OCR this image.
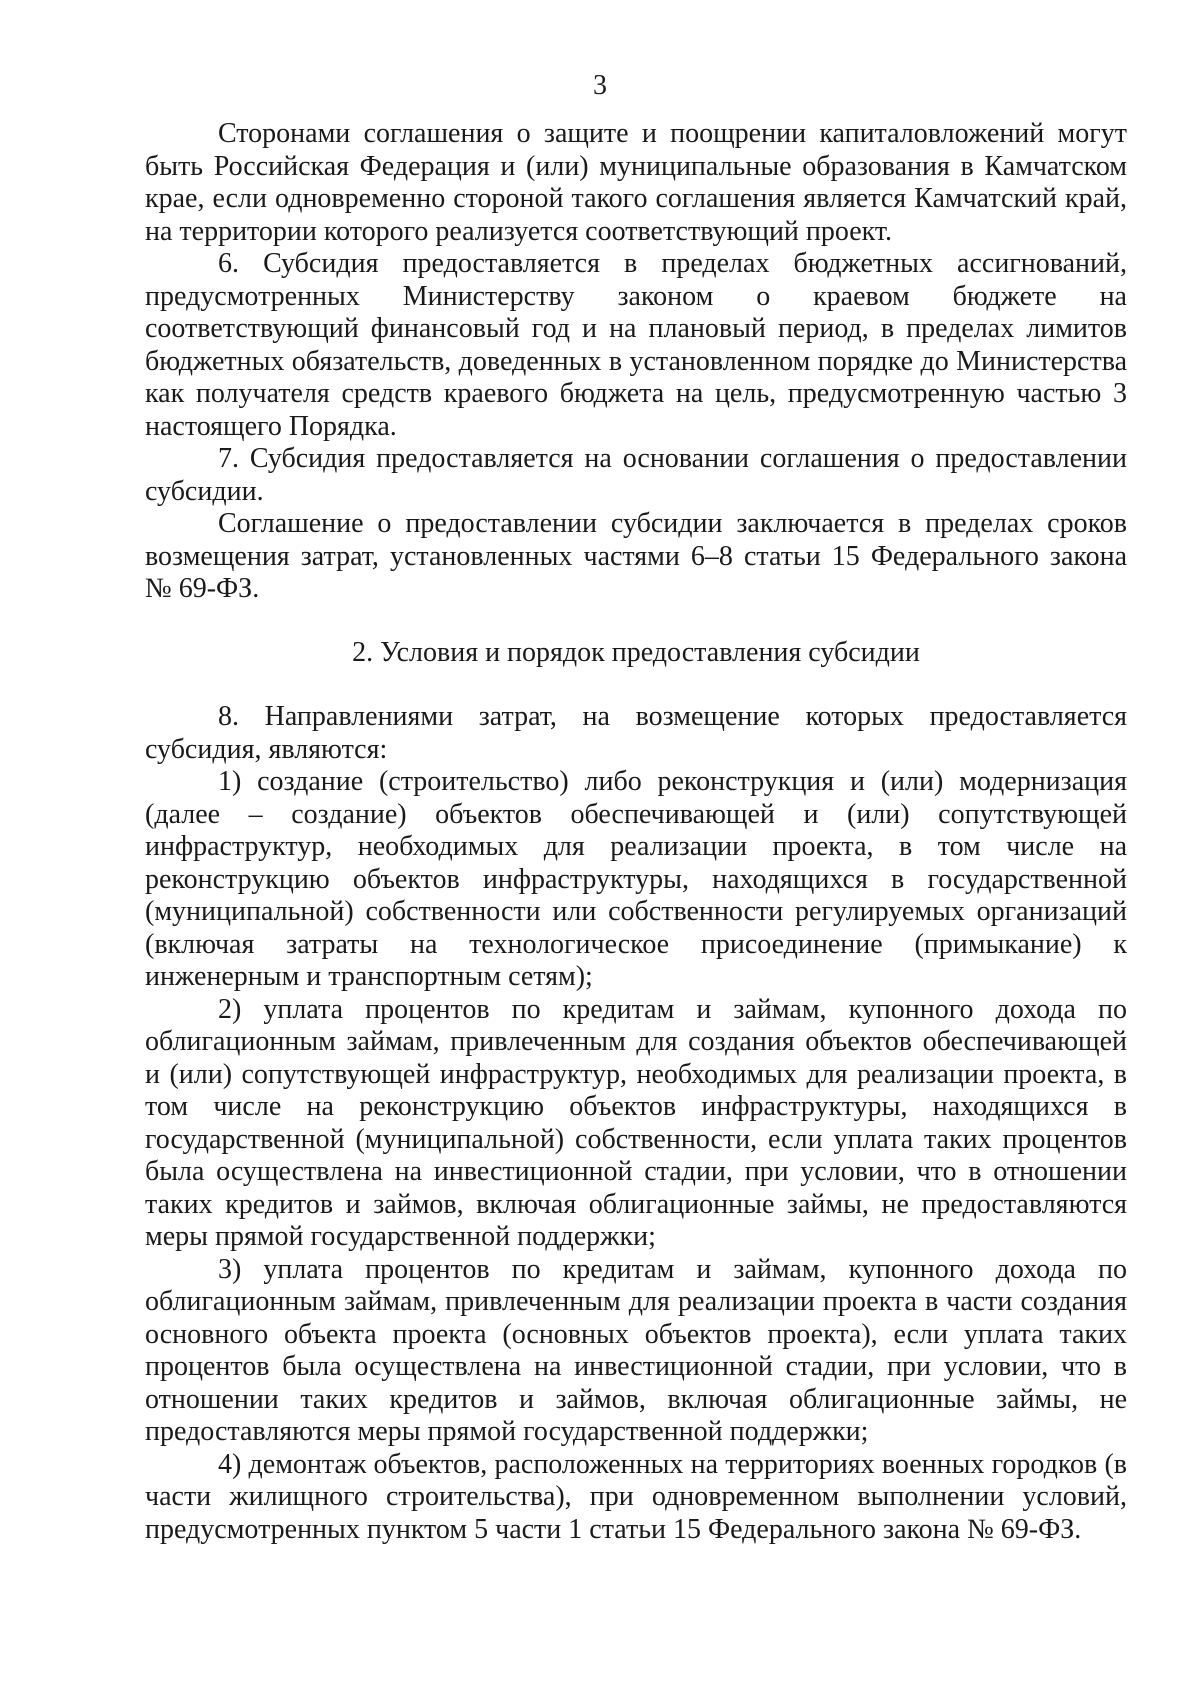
3

Сторонами соглашения о защите и поощрении капиталовложений могут быть Российская Федерация и (или) муниципальные образования в Камчатском крае, если одновременно стороной такого соглашения является Камчатский край, на территории которого реализуется соответствующий проект.

6. Субсидия предоставляется в пределах бюджетных ассигнований, предусмотренных Министерству законом о краевом бюджете на соответствующий финансовый год и на плановый период, в пределах лимитов бюджетных обязательств, доведенных в установленном порядке до Министерства как получателя средств краевого бюджета на цель, предусмотренную частью 3 настоящего Порядка.

7. Субсидия предоставляется на основании соглашения о предоставлении субсидии.

Соглашение о предоставлении субсидии заключается в пределах сроков возмещения затрат, установленных частями 6–8 статьи 15 Федерального закона № 69-ФЗ.

2. Условия и порядок предоставления субсидии

8. Направлениями затрат, на возмещение которых предоставляется субсидия, являются:

1) создание (строительство) либо реконструкция и (или) модернизация (далее – создание) объектов обеспечивающей и (или) сопутствующей инфраструктур, необходимых для реализации проекта, в том числе на реконструкцию объектов инфраструктуры, находящихся в государственной (муниципальной) собственности или собственности регулируемых организаций (включая затраты на технологическое присоединение (примыкание) к инженерным и транспортным сетям);

2) уплата процентов по кредитам и займам, купонного дохода по облигационным займам, привлеченным для создания объектов обеспечивающей и (или) сопутствующей инфраструктур, необходимых для реализации проекта, в том числе на реконструкцию объектов инфраструктуры, находящихся в государственной (муниципальной) собственности, если уплата таких процентов была осуществлена на инвестиционной стадии, при условии, что в отношении таких кредитов и займов, включая облигационные займы, не предоставляются меры прямой государственной поддержки;

3) уплата процентов по кредитам и займам, купонного дохода по облигационным займам, привлеченным для реализации проекта в части создания основного объекта проекта (основных объектов проекта), если уплата таких процентов была осуществлена на инвестиционной стадии, при условии, что в отношении таких кредитов и займов, включая облигационные займы, не предоставляются меры прямой государственной поддержки;

4) демонтаж объектов, расположенных на территориях военных городков (в части жилищного строительства), при одновременном выполнении условий, предусмотренных пунктом 5 части 1 статьи 15 Федерального закона № 69-ФЗ.
